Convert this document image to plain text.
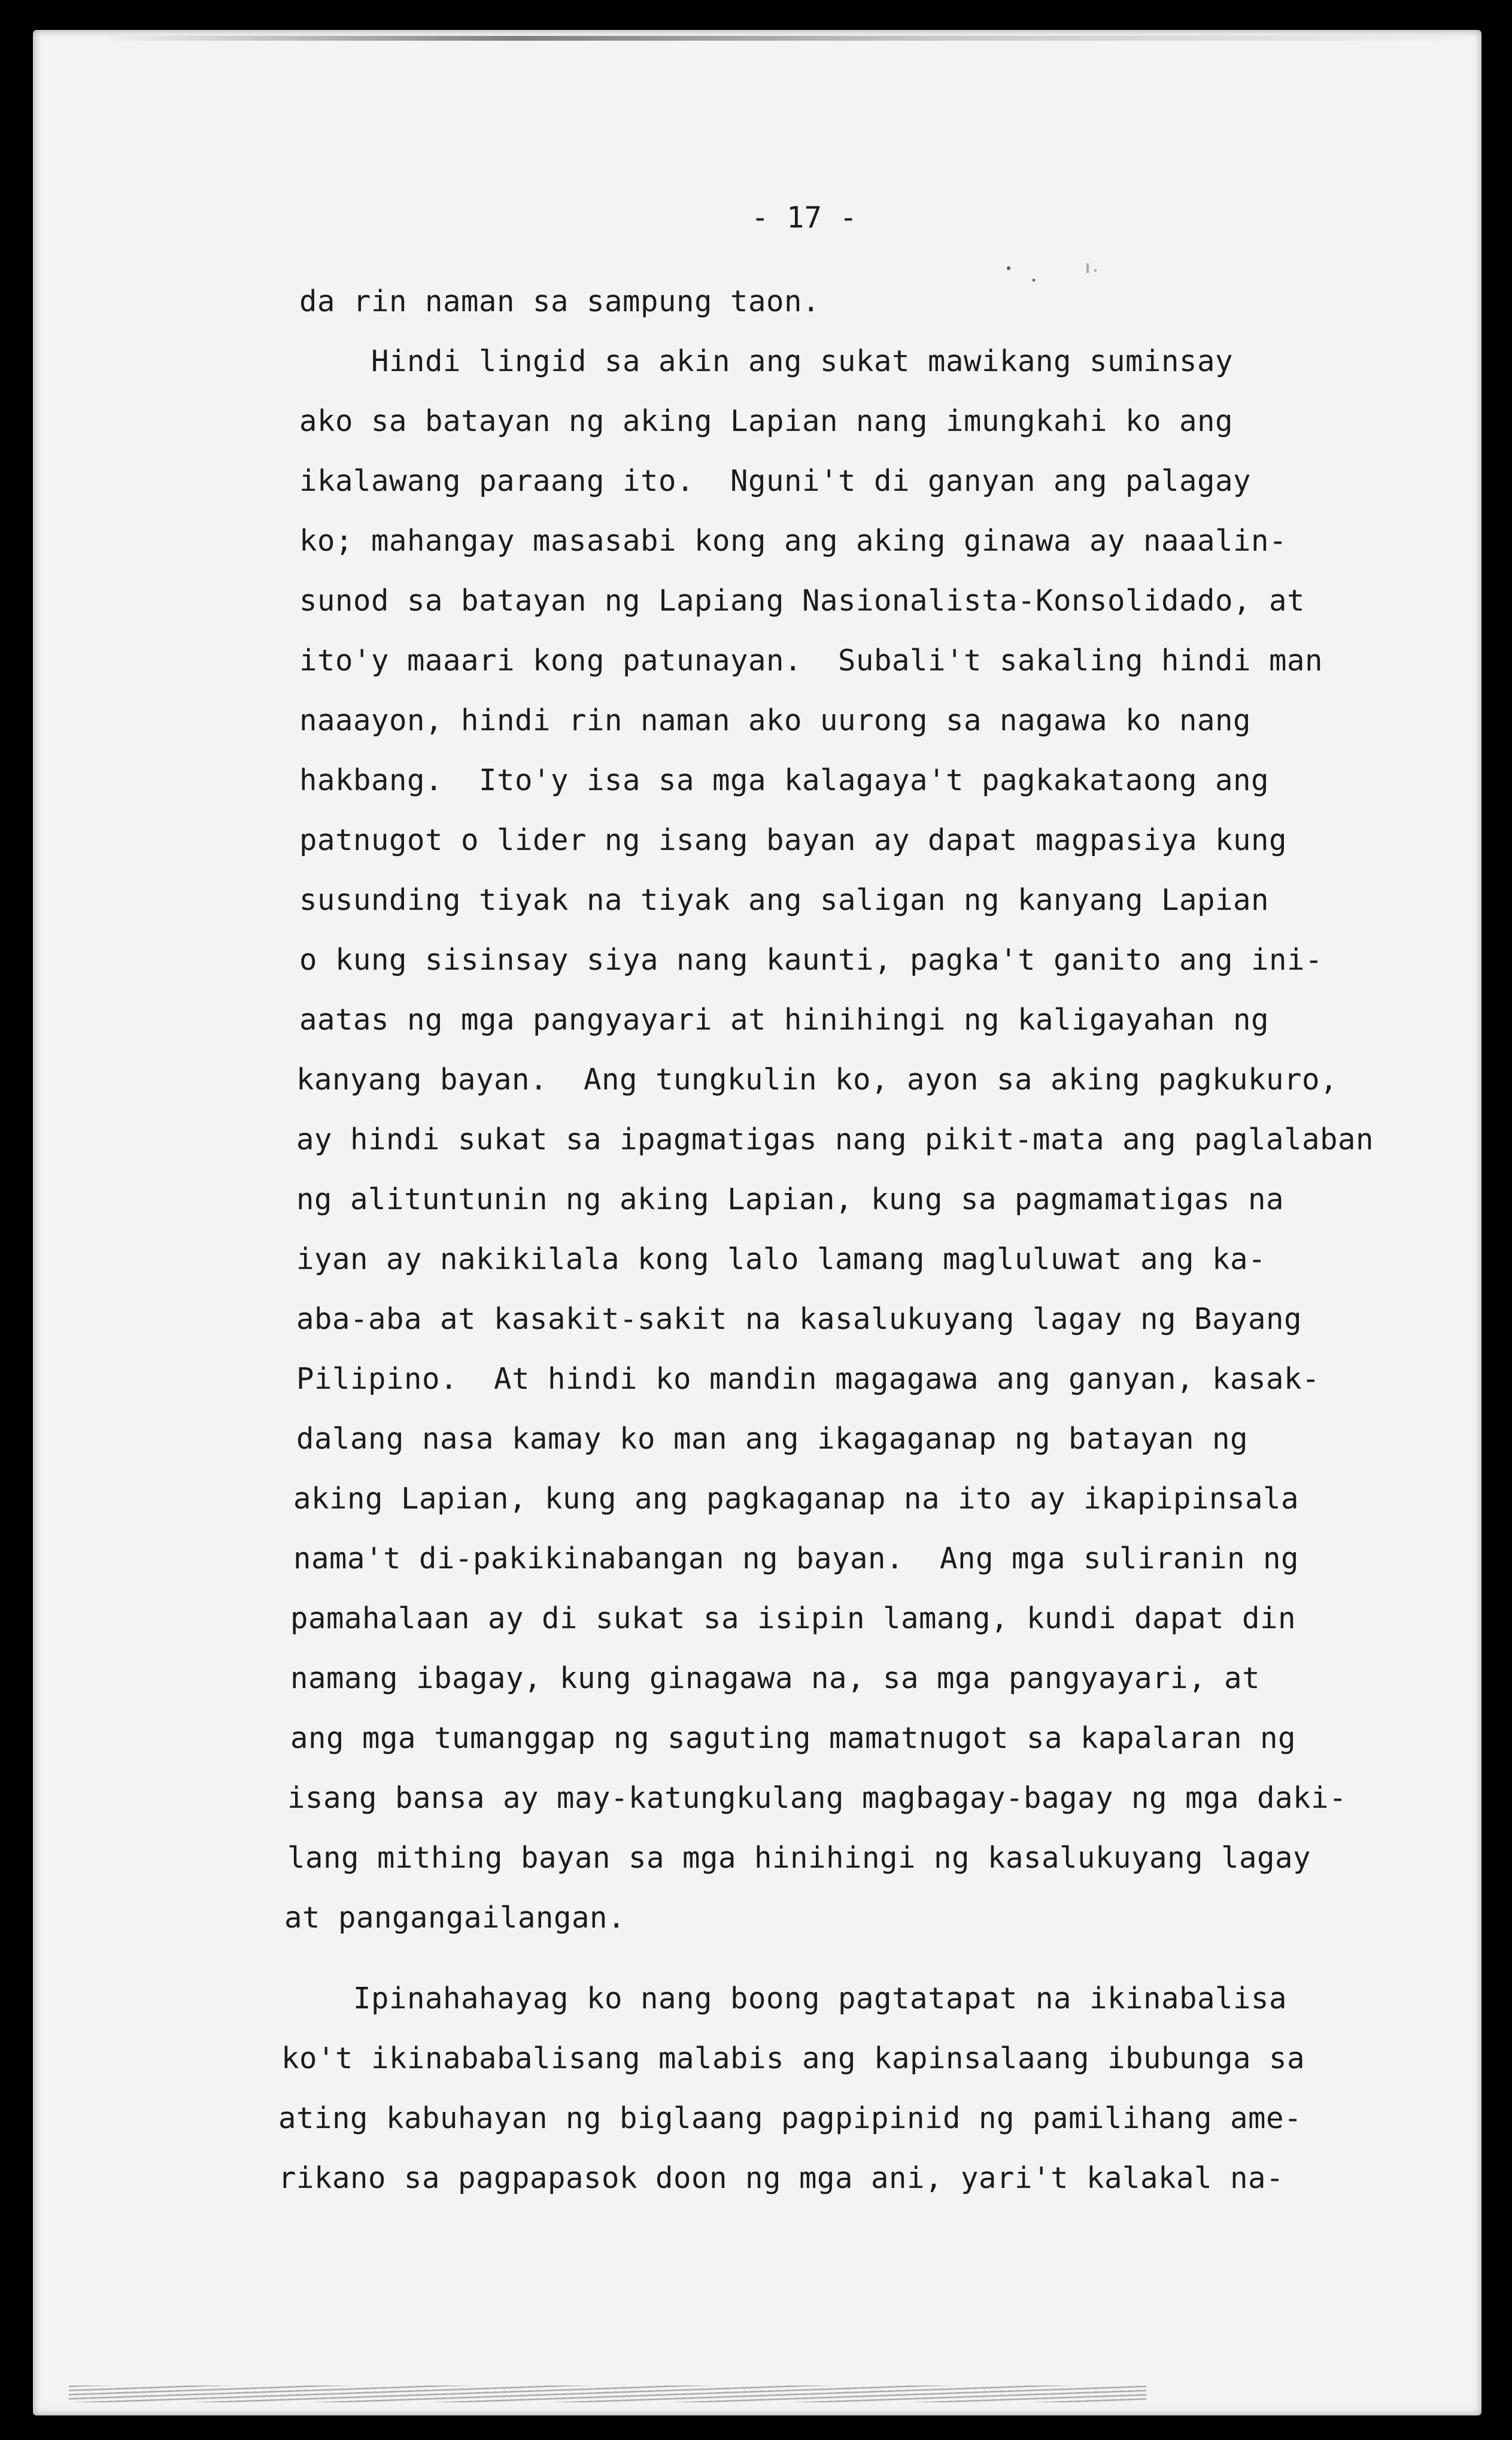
- 17 -
da rin naman sa sampung taon.
Hindi lingid sa akin ang sukat mawikang suminsay
ako sa batayan ng aking Lapian nang imungkahi ko ang
ikalawang paraang ito.  Nguni't di ganyan ang palagay
ko; mahangay masasabi kong ang aking ginawa ay naaalin-
sunod sa batayan ng Lapiang Nasionalista-Konsolidado, at
ito'y maaari kong patunayan.  Subali't sakaling hindi man
naaayon, hindi rin naman ako uurong sa nagawa ko nang
hakbang.  Ito'y isa sa mga kalagaya't pagkakataong ang
patnugot o lider ng isang bayan ay dapat magpasiya kung
susunding tiyak na tiyak ang saligan ng kanyang Lapian
o kung sisinsay siya nang kaunti, pagka't ganito ang ini-
aatas ng mga pangyayari at hinihingi ng kaligayahan ng
kanyang bayan.  Ang tungkulin ko, ayon sa aking pagkukuro,
ay hindi sukat sa ipagmatigas nang pikit-mata ang paglalaban
ng alituntunin ng aking Lapian, kung sa pagmamatigas na
iyan ay nakikilala kong lalo lamang magluluwat ang ka-
aba-aba at kasakit-sakit na kasalukuyang lagay ng Bayang
Pilipino.  At hindi ko mandin magagawa ang ganyan, kasak-
dalang nasa kamay ko man ang ikagaganap ng batayan ng
aking Lapian, kung ang pagkaganap na ito ay ikapipinsala
nama't di-pakikinabangan ng bayan.  Ang mga suliranin ng
pamahalaan ay di sukat sa isipin lamang, kundi dapat din
namang ibagay, kung ginagawa na, sa mga pangyayari, at
ang mga tumanggap ng saguting mamatnugot sa kapalaran ng
isang bansa ay may-katungkulang magbagay-bagay ng mga daki-
lang mithing bayan sa mga hinihingi ng kasalukuyang lagay
at pangangailangan.
Ipinahahayag ko nang boong pagtatapat na ikinabalisa
ko't ikinababalisang malabis ang kapinsalaang ibubunga sa
ating kabuhayan ng biglaang pagpipinid ng pamilihang ame-
rikano sa pagpapasok doon ng mga ani, yari't kalakal na-
